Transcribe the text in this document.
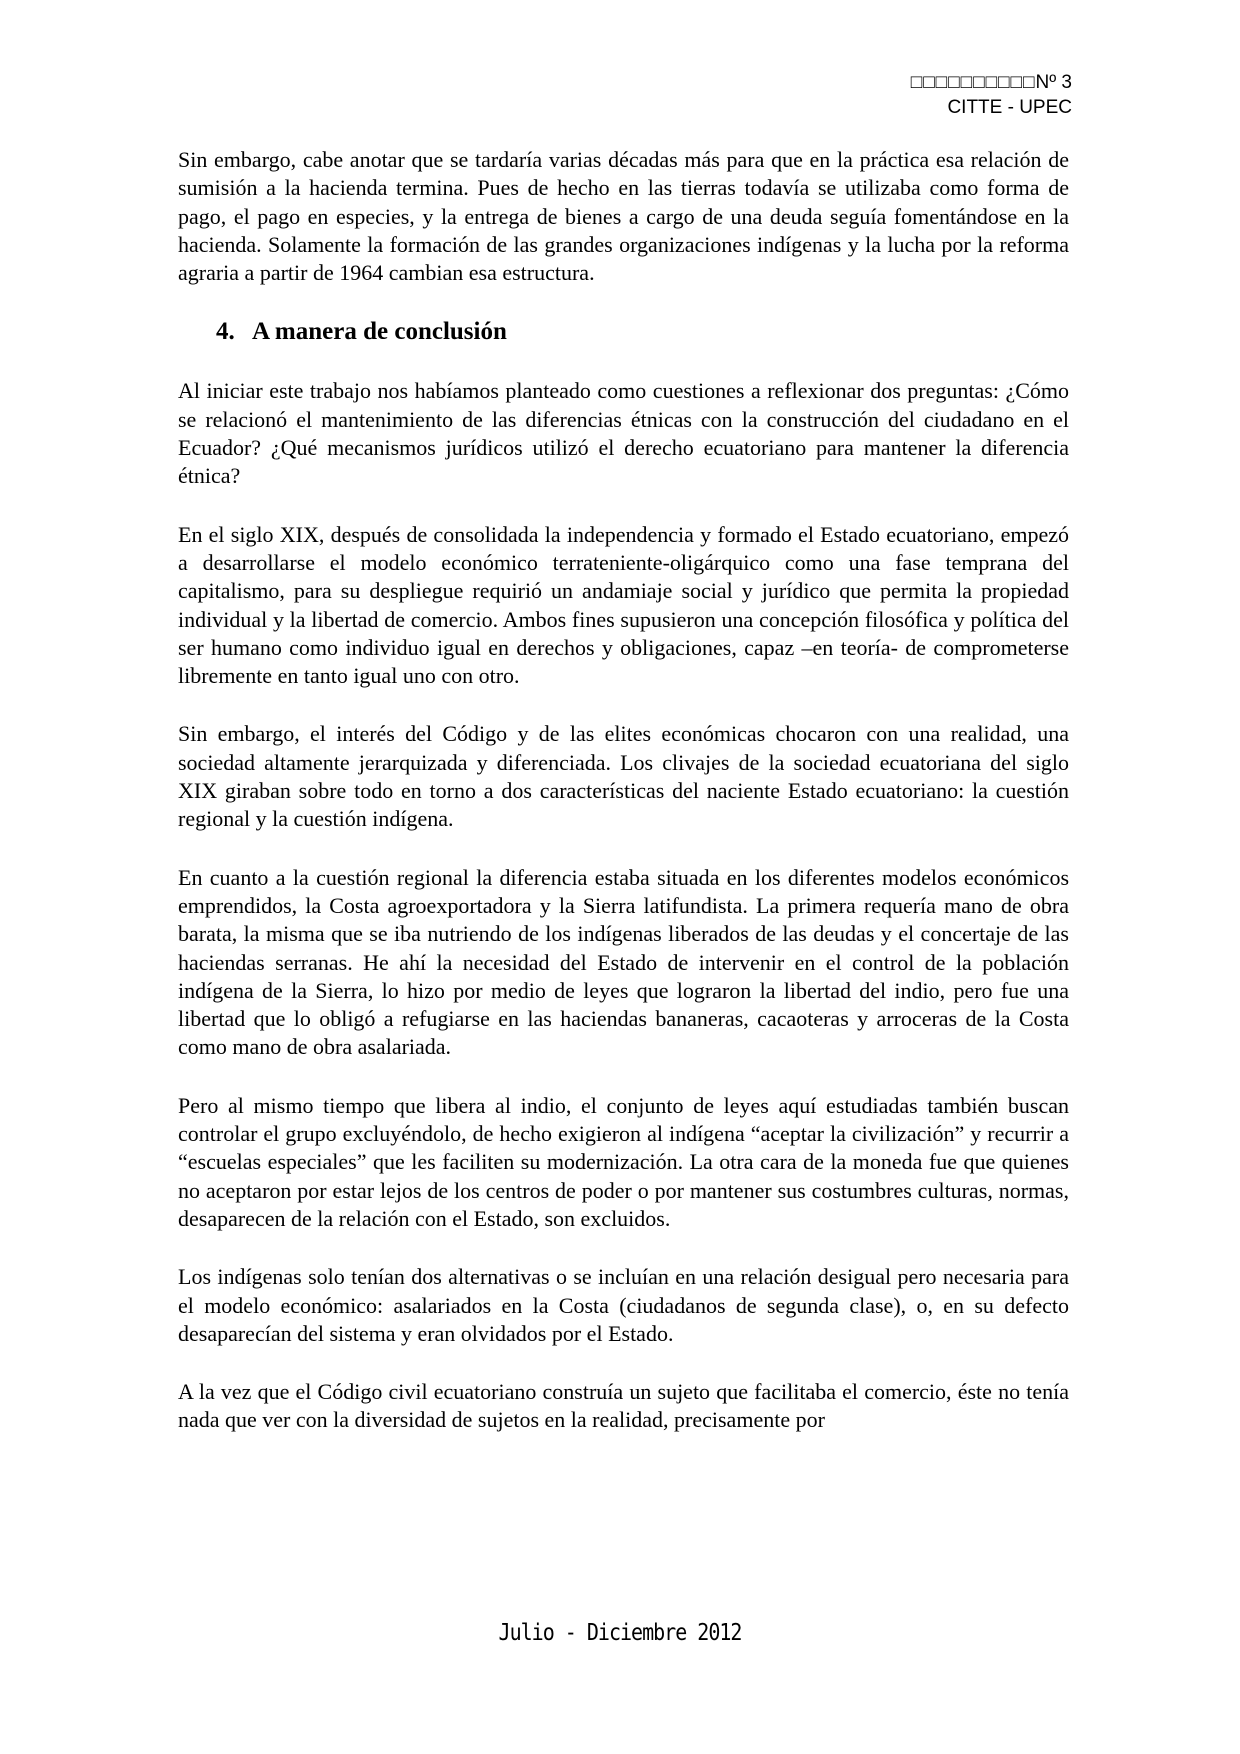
□□□□□□□□□□Nº 3
CITTE - UPEC

Sin embargo, cabe anotar que se tardaría varias décadas más para que en la práctica esa relación de sumisión a la hacienda termina. Pues de hecho en las tierras todavía se utilizaba como forma de pago, el pago en especies, y la entrega de bienes a cargo de una deuda seguía fomentándose en la hacienda. Solamente la formación de las grandes organizaciones indígenas y la lucha por la reforma agraria a partir de 1964 cambian esa estructura.

4. A manera de conclusión

Al iniciar este trabajo nos habíamos planteado como cuestiones a reflexionar dos preguntas: ¿Cómo se relacionó el mantenimiento de las diferencias étnicas con la construcción del ciudadano en el Ecuador? ¿Qué mecanismos jurídicos utilizó el derecho ecuatoriano para mantener la diferencia étnica?

En el siglo XIX, después de consolidada la independencia y formado el Estado ecuatoriano, empezó a desarrollarse el modelo económico terrateniente-oligárquico como una fase temprana del capitalismo, para su despliegue requirió un andamiaje social y jurídico que permita la propiedad individual y la libertad de comercio. Ambos fines supusieron una concepción filosófica y política del ser humano como individuo igual en derechos y obligaciones, capaz –en teoría- de comprometerse libremente en tanto igual uno con otro.

Sin embargo, el interés del Código y de las elites económicas chocaron con una realidad, una sociedad altamente jerarquizada y diferenciada. Los clivajes de la sociedad ecuatoriana del siglo XIX giraban sobre todo en torno a dos características del naciente Estado ecuatoriano: la cuestión regional y la cuestión indígena.

En cuanto a la cuestión regional la diferencia estaba situada en los diferentes modelos económicos emprendidos, la Costa agroexportadora y la Sierra latifundista. La primera requería mano de obra barata, la misma que se iba nutriendo de los indígenas liberados de las deudas y el concertaje de las haciendas serranas. He ahí la necesidad del Estado de intervenir en el control de la población indígena de la Sierra, lo hizo por medio de leyes que lograron la libertad del indio, pero fue una libertad que lo obligó a refugiarse en las haciendas bananeras, cacaoteras y arroceras de la Costa como mano de obra asalariada.

Pero al mismo tiempo que libera al indio, el conjunto de leyes aquí estudiadas también buscan controlar el grupo excluyéndolo, de hecho exigieron al indígena “aceptar la civilización” y recurrir a “escuelas especiales” que les faciliten su modernización. La otra cara de la moneda fue que quienes no aceptaron por estar lejos de los centros de poder o por mantener sus costumbres culturas, normas, desaparecen de la relación con el Estado, son excluidos.

Los indígenas solo tenían dos alternativas o se incluían en una relación desigual pero necesaria para el modelo económico: asalariados en la Costa (ciudadanos de segunda clase), o, en su defecto desaparecían del sistema y eran olvidados por el Estado.

A la vez que el Código civil ecuatoriano construía un sujeto que facilitaba el comercio, éste no tenía nada que ver con la diversidad de sujetos en la realidad, precisamente por

Julio - Diciembre 2012
